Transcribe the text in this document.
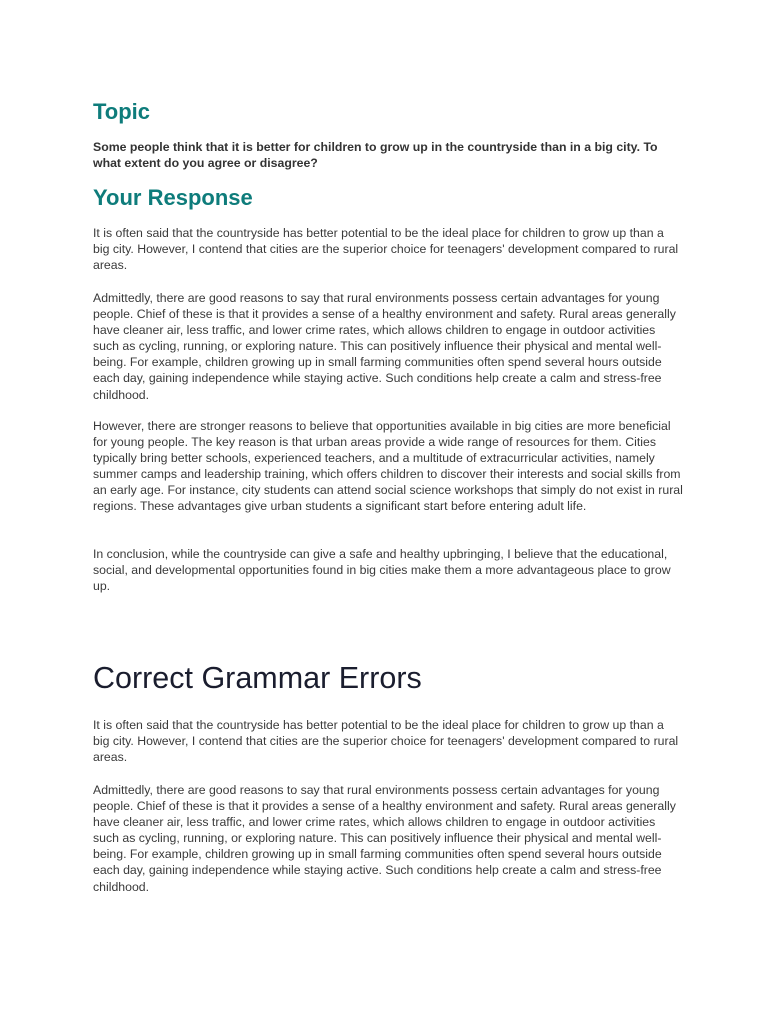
Topic

Some people think that it is better for children to grow up in the countryside than in a big city. To what extent do you agree or disagree?

Your Response

It is often said that the countryside has better potential to be the ideal place for children to grow up than a big city. However, I contend that cities are the superior choice for teenagers' development compared to rural areas.

Admittedly, there are good reasons to say that rural environments possess certain advantages for young people. Chief of these is that it provides a sense of a healthy environment and safety. Rural areas generally have cleaner air, less traffic, and lower crime rates, which allows children to engage in outdoor activities such as cycling, running, or exploring nature. This can positively influence their physical and mental well-being. For example, children growing up in small farming communities often spend several hours outside each day, gaining independence while staying active. Such conditions help create a calm and stress-free childhood.

However, there are stronger reasons to believe that opportunities available in big cities are more beneficial for young people. The key reason is that urban areas provide a wide range of resources for them. Cities typically bring better schools, experienced teachers, and a multitude of extracurricular activities, namely summer camps and leadership training, which offers children to discover their interests and social skills from an early age. For instance, city students can attend social science workshops that simply do not exist in rural regions. These advantages give urban students a significant start before entering adult life.

In conclusion, while the countryside can give a safe and healthy upbringing, I believe that the educational, social, and developmental opportunities found in big cities make them a more advantageous place to grow up.

Correct Grammar Errors

It is often said that the countryside has better potential to be the ideal place for children to grow up than a big city. However, I contend that cities are the superior choice for teenagers' development compared to rural areas.

Admittedly, there are good reasons to say that rural environments possess certain advantages for young people. Chief of these is that it provides a sense of a healthy environment and safety. Rural areas generally have cleaner air, less traffic, and lower crime rates, which allows children to engage in outdoor activities such as cycling, running, or exploring nature. This can positively influence their physical and mental well-being. For example, children growing up in small farming communities often spend several hours outside each day, gaining independence while staying active. Such conditions help create a calm and stress-free childhood.
